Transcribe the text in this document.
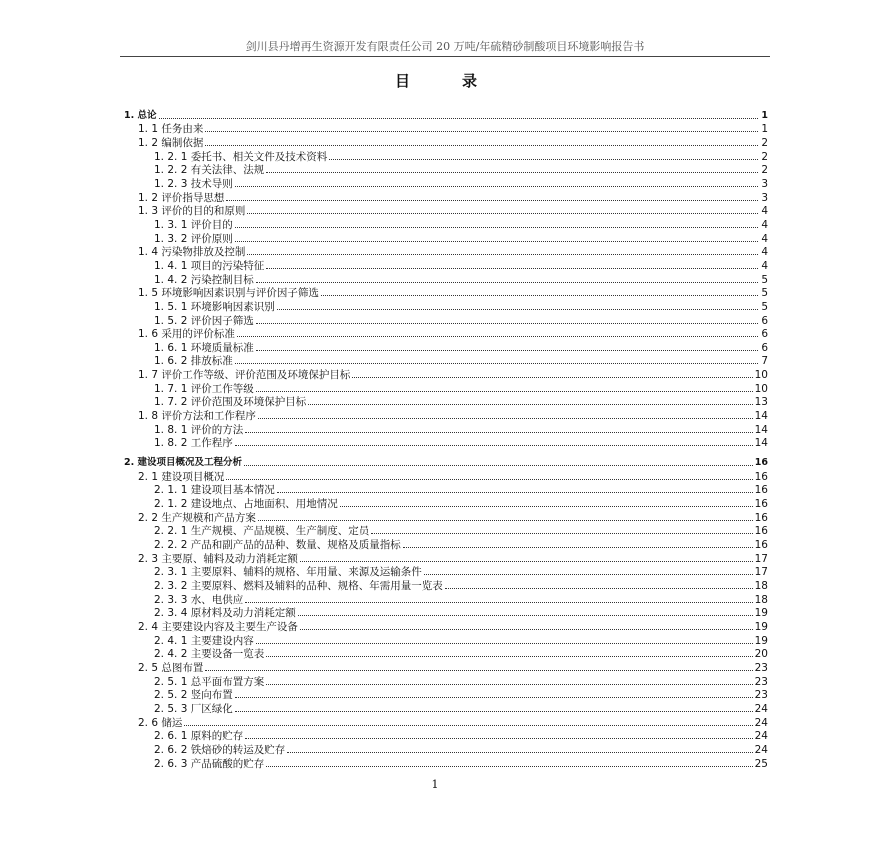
剑川县丹增再生资源开发有限责任公司 20 万吨/年硫精砂制酸项目环境影响报告书
目录
1. 总论	1
1. 1 任务由来	1
1. 2 编制依据	2
1. 2. 1 委托书、相关文件及技术资料	2
1. 2. 2 有关法律、法规	2
1. 2. 3 技术导则	3
1. 2 评价指导思想	3
1. 3 评价的目的和原则	4
1. 3. 1 评价目的	4
1. 3. 2 评价原则	4
1. 4 污染物排放及控制	4
1. 4. 1 项目的污染特征	4
1. 4. 2 污染控制目标	5
1. 5 环境影响因素识别与评价因子筛选	5
1. 5. 1 环境影响因素识别	5
1. 5. 2 评价因子筛选	6
1. 6 采用的评价标准	6
1. 6. 1 环境质量标准	6
1. 6. 2 排放标准	7
1. 7 评价工作等级、评价范围及环境保护目标	10
1. 7. 1 评价工作等级	10
1. 7. 2 评价范围及环境保护目标	13
1. 8 评价方法和工作程序	14
1. 8. 1 评价的方法	14
1. 8. 2 工作程序	14
2. 建设项目概况及工程分析	16
2. 1 建设项目概况	16
2. 1. 1 建设项目基本情况	16
2. 1. 2 建设地点、占地面积、用地情况	16
2. 2 生产规模和产品方案	16
2. 2. 1 生产规模、产品规模、生产制度、定员	16
2. 2. 2 产品和副产品的品种、数量、规格及质量指标	16
2. 3 主要原、辅料及动力消耗定额	17
2. 3. 1 主要原料、辅料的规格、年用量、来源及运输条件	17
2. 3. 2 主要原料、燃料及辅料的品种、规格、年需用量一览表	18
2. 3. 3 水、电供应	18
2. 3. 4 原材料及动力消耗定额	19
2. 4 主要建设内容及主要生产设备	19
2. 4. 1 主要建设内容	19
2. 4. 2 主要设备一览表	20
2. 5 总图布置	23
2. 5. 1 总平面布置方案	23
2. 5. 2 竖向布置	23
2. 5. 3 厂区绿化	24
2. 6 储运	24
2. 6. 1 原料的贮存	24
2. 6. 2 铁焙砂的转运及贮存	24
2. 6. 3 产品硫酸的贮存	25
1
